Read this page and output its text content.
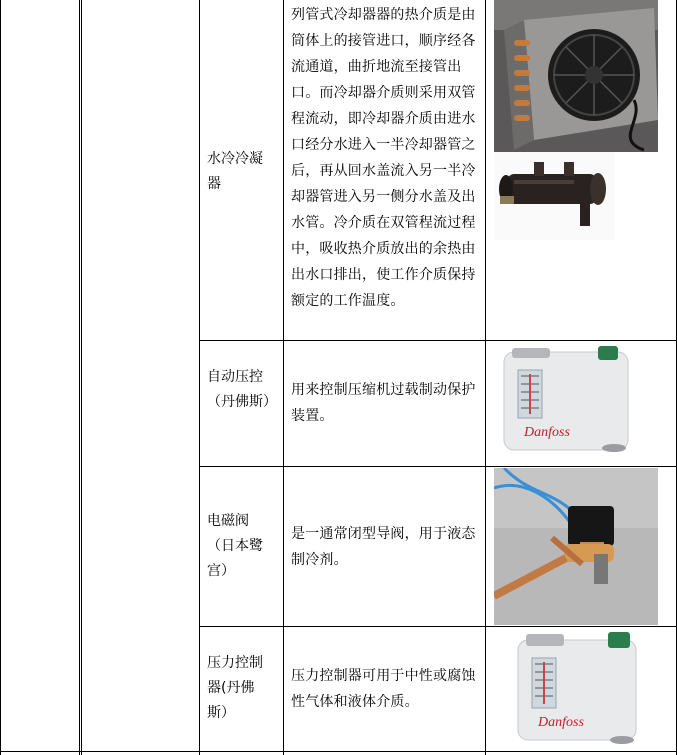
水冷冷凝器
列管式冷却器器的热介质是由筒体上的接管进口，顺序经各流通道，曲折地流至接管出口。而冷却器介质则采用双管程流动，即冷却器介质由进水口经分水进入一半冷却器管之后，再从回水盖流入另一半冷却器管进入另一侧分水盖及出水管。冷介质在双管程流过程中，吸收热介质放出的余热由出水口排出，使工作介质保持额定的工作温度。
自动压控（丹佛斯）
用来控制压缩机过载制动保护装置。
Danfoss
电磁阀（日本鹭宫）
是一通常闭型导阀，用于液态制冷剂。
压力控制器(丹佛斯）
压力控制器可用于中性或腐蚀性气体和液体介质。
Danfoss
